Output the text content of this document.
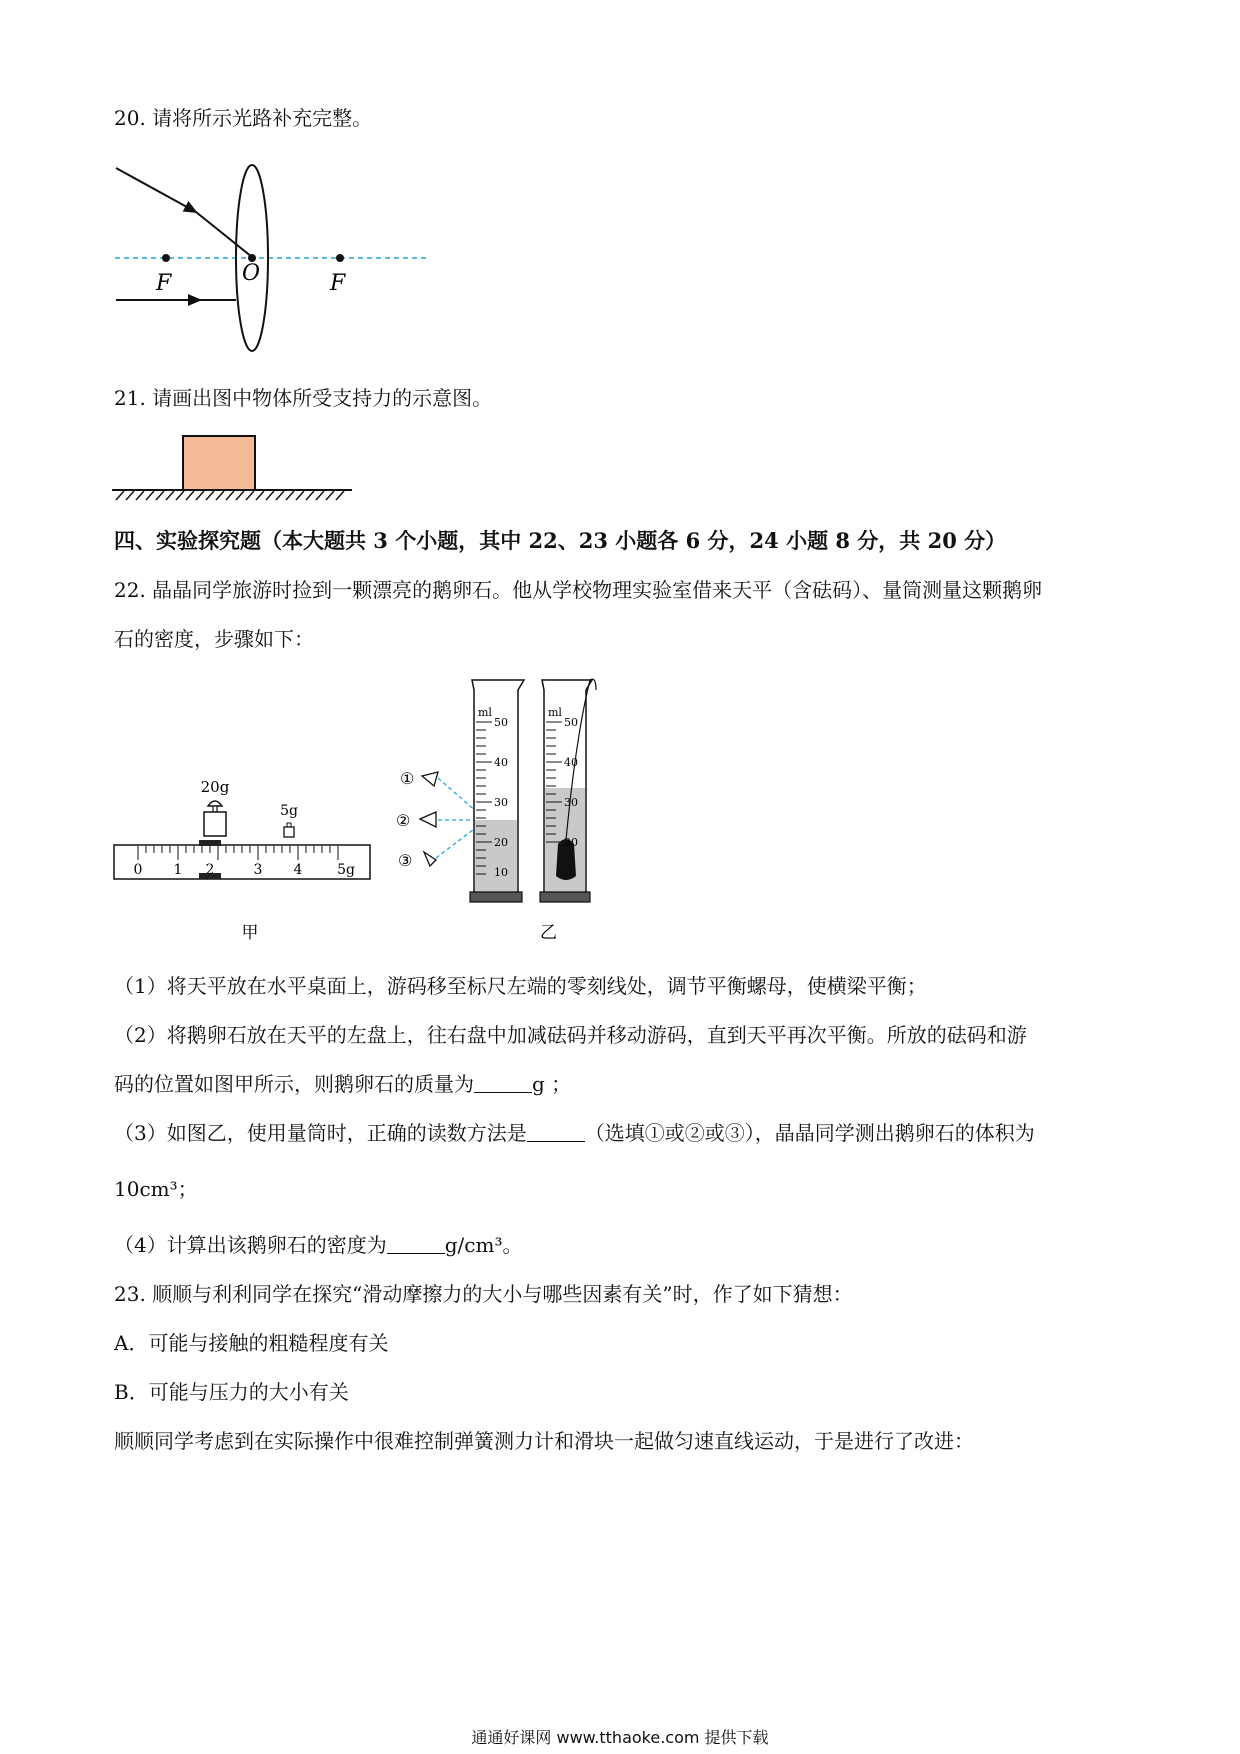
20. 请将所示光路补充完整。
F	O	F
21. 请画出图中物体所受支持力的示意图。
四、实验探究题（本大题共 3 个小题，其中 22、23 小题各 6 分，24 小题 8 分，共 20 分）
22. 晶晶同学旅游时捡到一颗漂亮的鹅卵石。他从学校物理实验室借来天平（含砝码）、量筒测量这颗鹅卵
石的密度，步骤如下：
20g
5g
0 1 2	3 4 5g
甲
①
②
③
ml
50
40
30
20
10
ml
50
40
30
20
乙
（1）将天平放在水平桌面上，游码移至标尺左端的零刻线处，调节平衡螺母，使横梁平衡；
（2）将鹅卵石放在天平的左盘上，往右盘中加减砝码并移动游码，直到天平再次平衡。所放的砝码和游
码的位置如图甲所示，则鹅卵石的质量为	g ；
（3）如图乙，使用量筒时，正确的读数方法是	（选填①或②或③），晶晶同学测出鹅卵石的体积为
10cm³；
（4）计算出该鹅卵石的密度为	g/cm³。
23. 顺顺与利利同学在探究“滑动摩擦力的大小与哪些因素有关”时，作了如下猜想：
A．可能与接触的粗糙程度有关
B．可能与压力的大小有关
顺顺同学考虑到在实际操作中很难控制弹簧测力计和滑块一起做匀速直线运动，于是进行了改进：
通通好课网 www.tthaoke.com 提供下载
